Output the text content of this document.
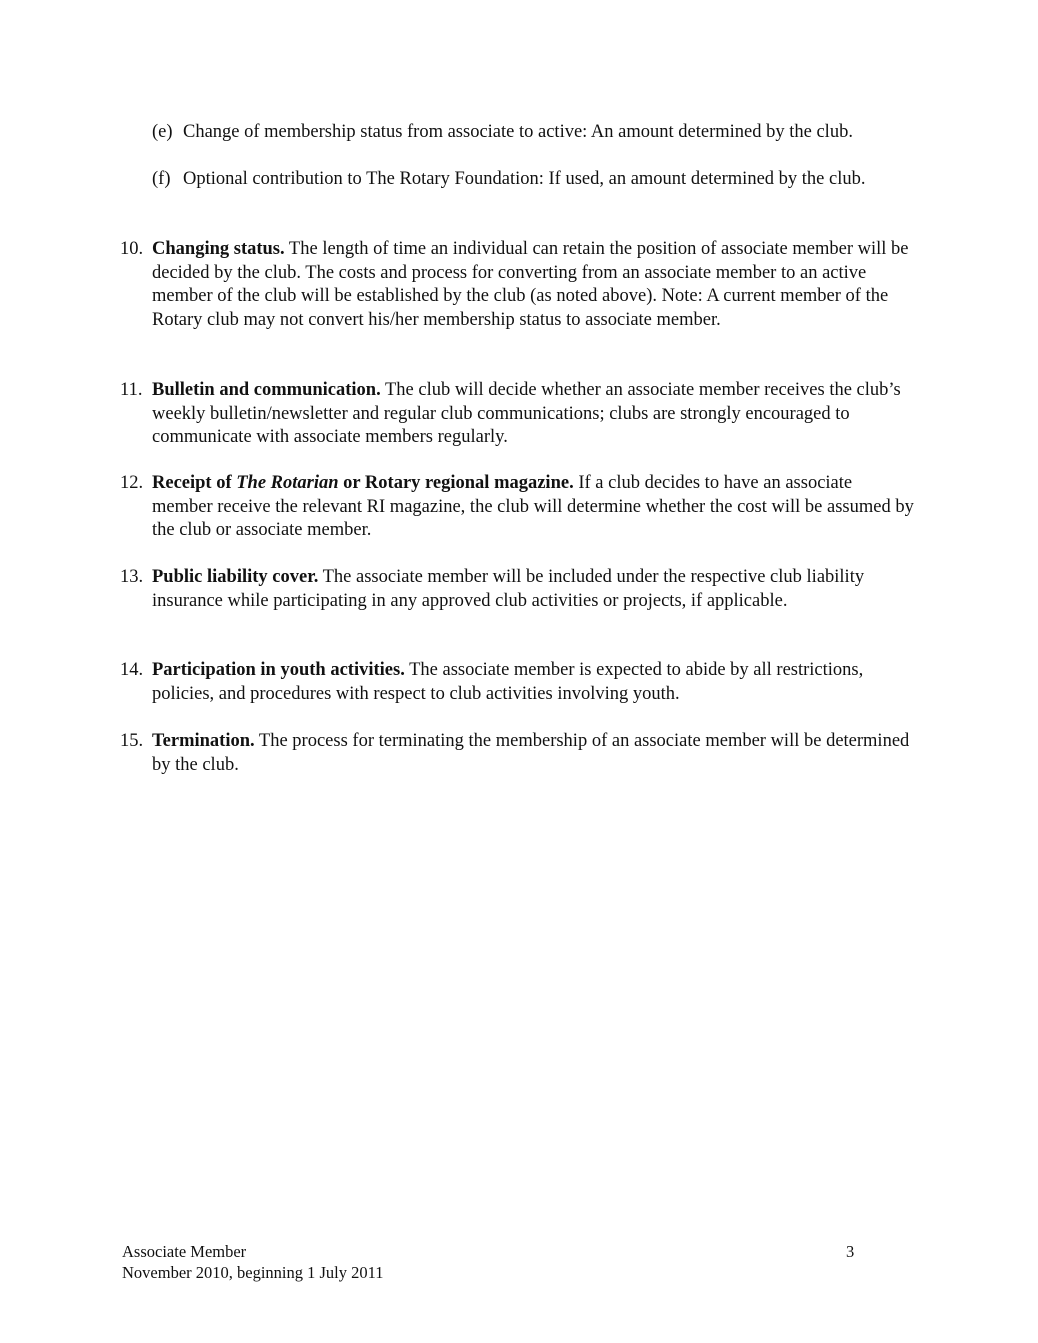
(e) Change of membership status from associate to active: An amount determined by the club.
(f) Optional contribution to The Rotary Foundation: If used, an amount determined by the club.
10. Changing status. The length of time an individual can retain the position of associate member will be decided by the club. The costs and process for converting from an associate member to an active member of the club will be established by the club (as noted above). Note: A current member of the Rotary club may not convert his/her membership status to associate member.
11. Bulletin and communication. The club will decide whether an associate member receives the club’s weekly bulletin/newsletter and regular club communications; clubs are strongly encouraged to communicate with associate members regularly.
12. Receipt of The Rotarian or Rotary regional magazine. If a club decides to have an associate member receive the relevant RI magazine, the club will determine whether the cost will be assumed by the club or associate member.
13. Public liability cover. The associate member will be included under the respective club liability insurance while participating in any approved club activities or projects, if applicable.
14. Participation in youth activities. The associate member is expected to abide by all restrictions, policies, and procedures with respect to club activities involving youth.
15. Termination. The process for terminating the membership of an associate member will be determined by the club.
Associate Member
November 2010, beginning 1 July 2011
3
